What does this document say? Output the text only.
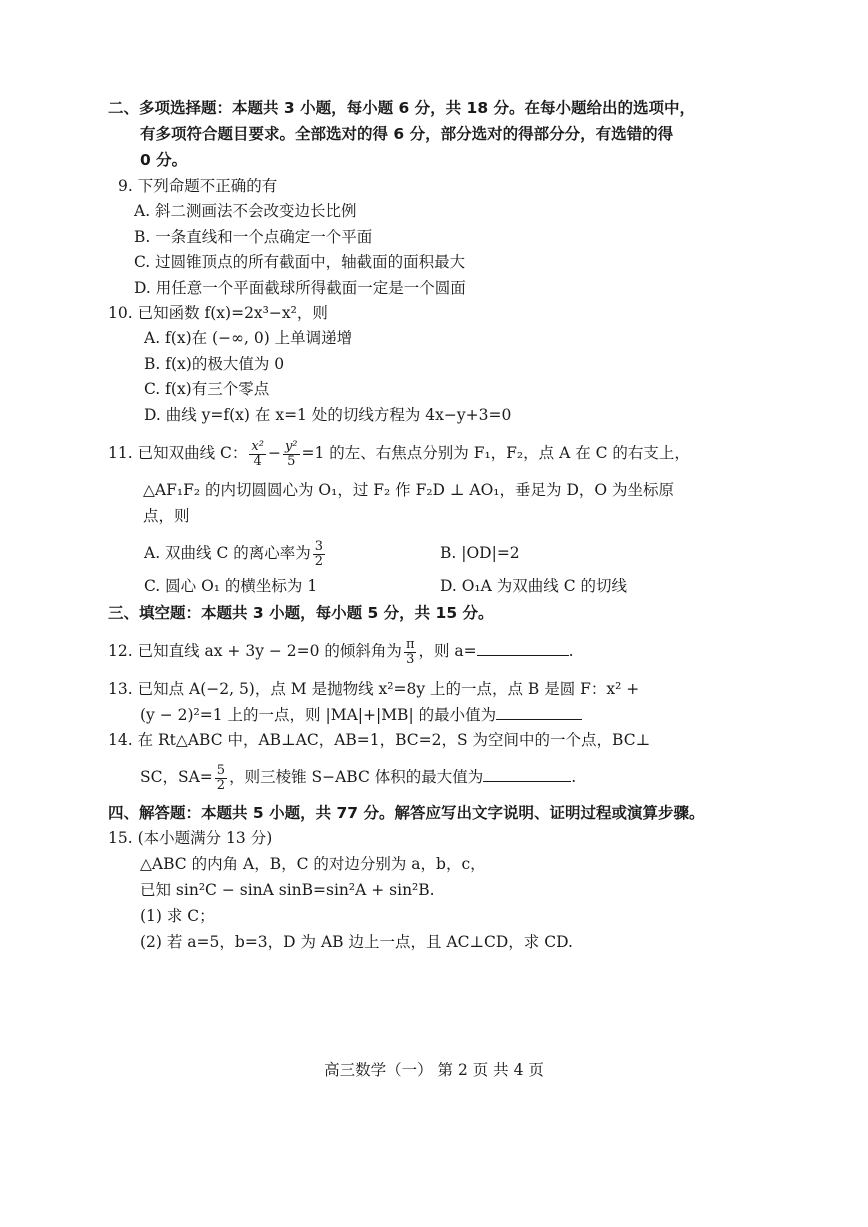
二、多项选择题：本题共 3 小题，每小题 6 分，共 18 分。在每小题给出的选项中，
有多项符合题目要求。全部选对的得 6 分，部分选对的得部分分，有选错的得
0 分。
9. 下列命题不正确的有
A. 斜二测画法不会改变边长比例
B. 一条直线和一个点确定一个平面
C. 过圆锥顶点的所有截面中，轴截面的面积最大
D. 用任意一个平面截球所得截面一定是一个圆面
10. 已知函数 f(x)=2x³−x²，则
A. f(x)在 (−∞, 0) 上单调递增
B. f(x)的极大值为 0
C. f(x)有三个零点
D. 曲线 y=f(x) 在 x=1 处的切线方程为 4x−y+3=0
11. 已知双曲线 C： $\frac{\text{x²}}{4} - \frac{\text{y²}}{5} =1$ 的左、右焦点分别为 F₁，F₂，点 A 在 C 的右支上，
△AF₁F₂ 的内切圆圆心为 O₁，过 F₂ 作 F₂D ⊥ AO₁，垂足为 D，O 为坐标原
点，则
A. 双曲线 C 的离心率为 $\frac{3}{2}$	B. |OD|=2
C. 圆心 O₁ 的横坐标为 1	D. O₁A 为双曲线 C 的切线
三、填空题：本题共 3 小题，每小题 5 分，共 15 分。
12. 已知直线 ax + 3y − 2=0 的倾斜角为 $\frac{\pi}{3}$ ，则 a=	.
13. 已知点 A(−2, 5)，点 M 是抛物线 x²=8y 上的一点，点 B 是圆 F：x² +
(y − 2)²=1 上的一点，则 |MA|+|MB| 的最小值为
14. 在 Rt△ABC 中，AB⊥AC，AB=1，BC=2，S 为空间中的一个点，BC⊥
SC，$SA= \frac{5}{2}$ ，则三棱锥 S−ABC 体积的最大值为	.
四、解答题：本题共 5 小题，共 77 分。解答应写出文字说明、证明过程或演算步骤。
15. (本小题满分 13 分)
△ABC 的内角 A，B，C 的对边分别为 a，b，c，
已知 sin²C − sinA sinB=sin²A + sin²B.
(1) 求 C；
(2) 若 a=5，b=3，D 为 AB 边上一点，且 AC⊥CD，求 CD.
高三数学（一） 第 2 页 共 4 页
